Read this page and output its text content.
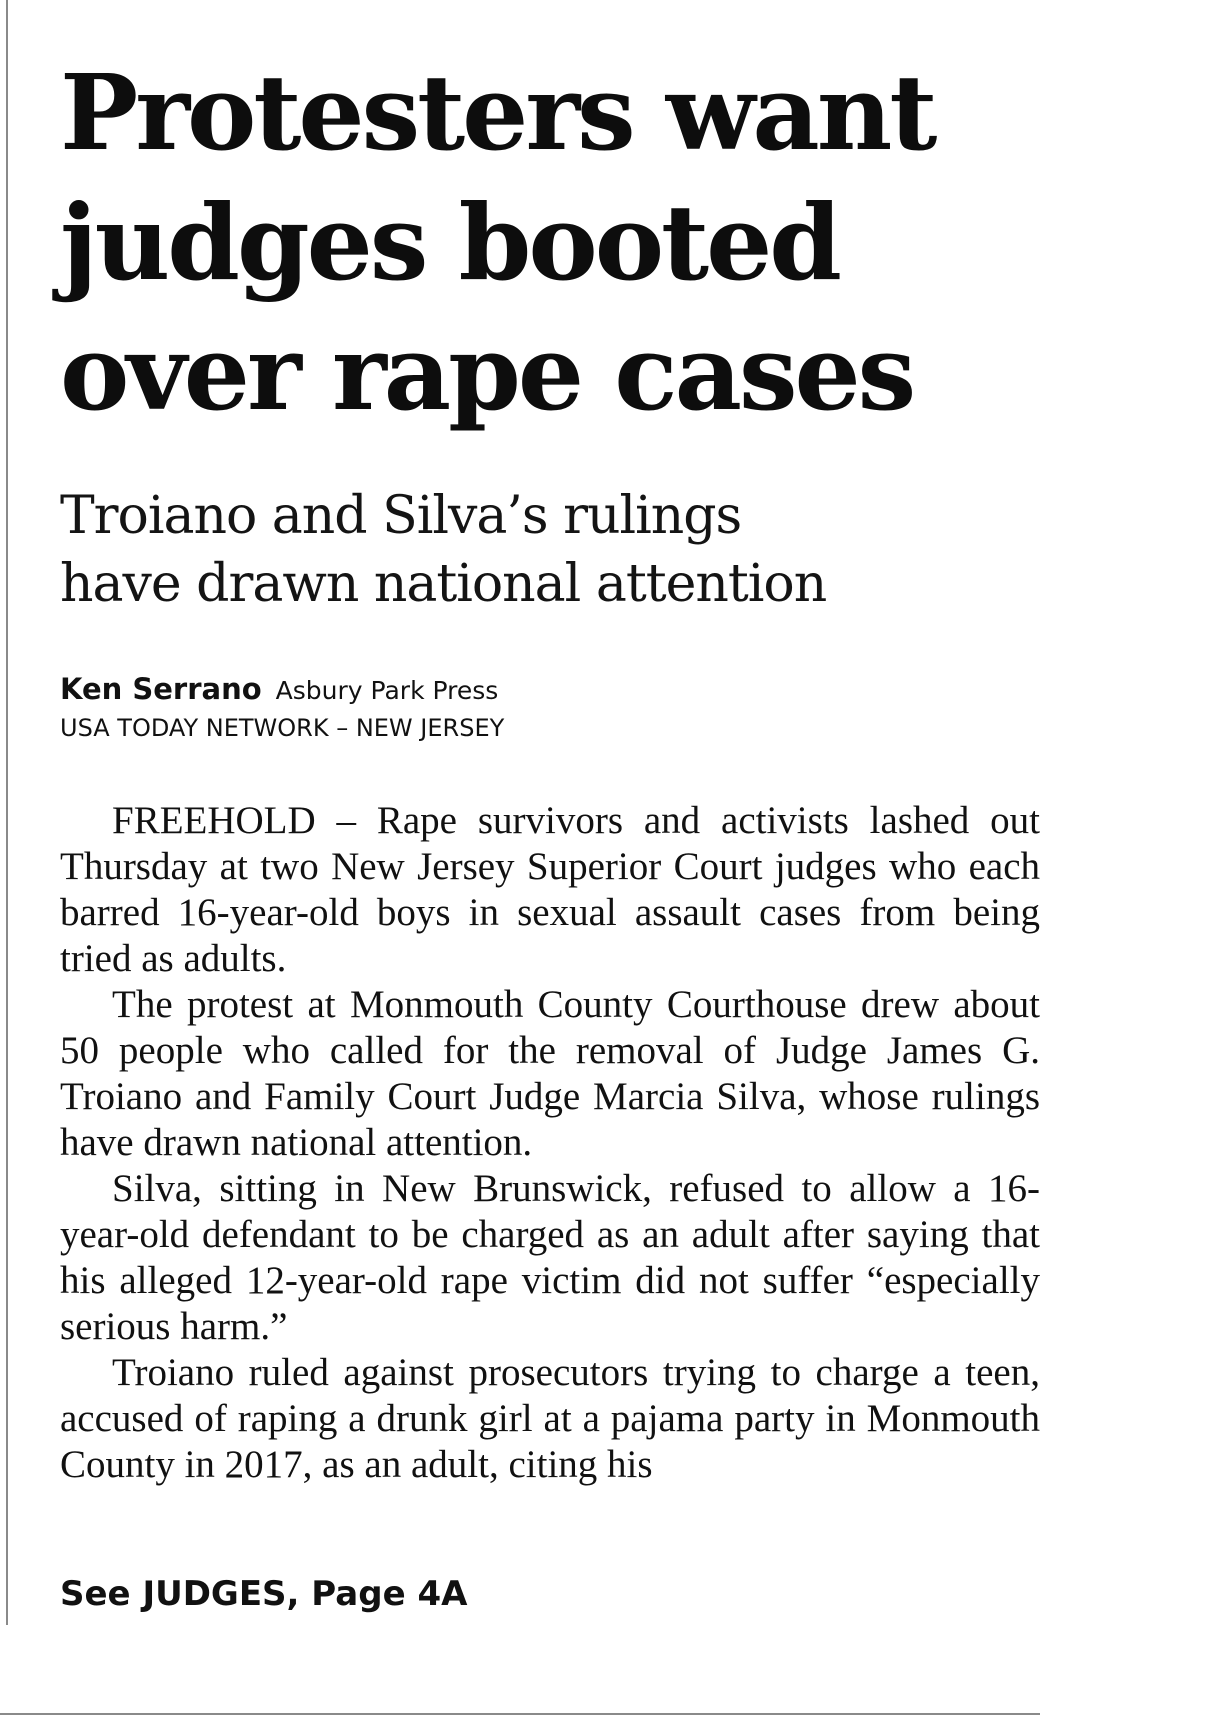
Protesters want
judges booted
over rape cases
Troiano and Silva’s rulings
have drawn national attention
Ken Serrano Asbury Park Press
USA TODAY NETWORK – NEW JERSEY

FREEHOLD – Rape survivors and activists lashed out Thursday at two New Jersey Superior Court judges who each barred 16-year-old boys in sexual assault cases from being tried as adults.

The protest at Monmouth County Courthouse drew about 50 people who called for the removal of Judge James G. Troiano and Family Court Judge Marcia Silva, whose rulings have drawn national attention.

Silva, sitting in New Brunswick, refused to allow a 16-year-old defendant to be charged as an adult after saying that his alleged 12-year-old rape victim did not suffer “especially serious harm.”

Troiano ruled against prosecutors trying to charge a teen, accused of raping a drunk girl at a pajama party in Monmouth County in 2017, as an adult, citing his

See JUDGES, Page 4A
